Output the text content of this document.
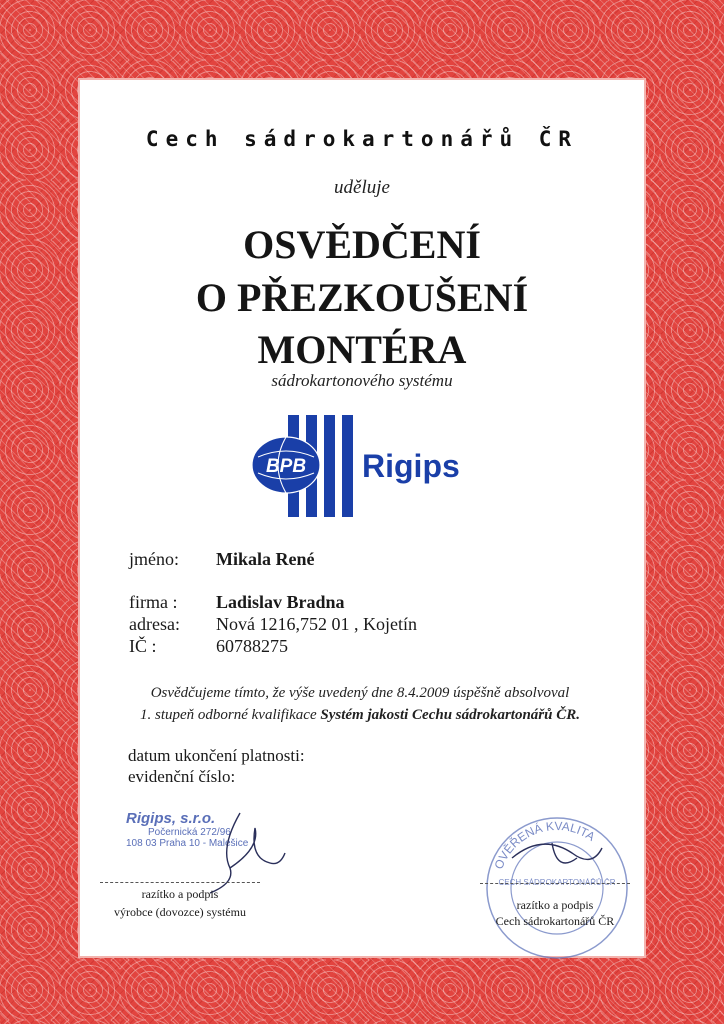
Cech sádrokartonářů ČR
uděluje
OSVĚDČENÍ
O PŘEZKOUŠENÍ
MONTÉRA
sádrokartonového systému
BPB Rigips
jméno: Mikala René
firma : Ladislav Bradna
adresa: Nová 1216,752 01 , Kojetín
IČ :	60788275
Osvědčujeme tímto, že výše uvedený dne 8.4.2009 úspěšně absolvoval
1. stupeň odborné kvalifikace Systém jakosti Cechu sádrokartonářů ČR.
datum ukončení platnosti:
evidenční číslo:
Rigips, s.r.o.
Počernická 272/96
108 03 Praha 10 - Malešice
razítko a podpis
výrobce (dovozce) systému
OVĚŘENÁ KVALITA
CECH SÁDROKARTONÁŘŮ ČR
razítko a podpis
Cech sádrokartonářů ČR
